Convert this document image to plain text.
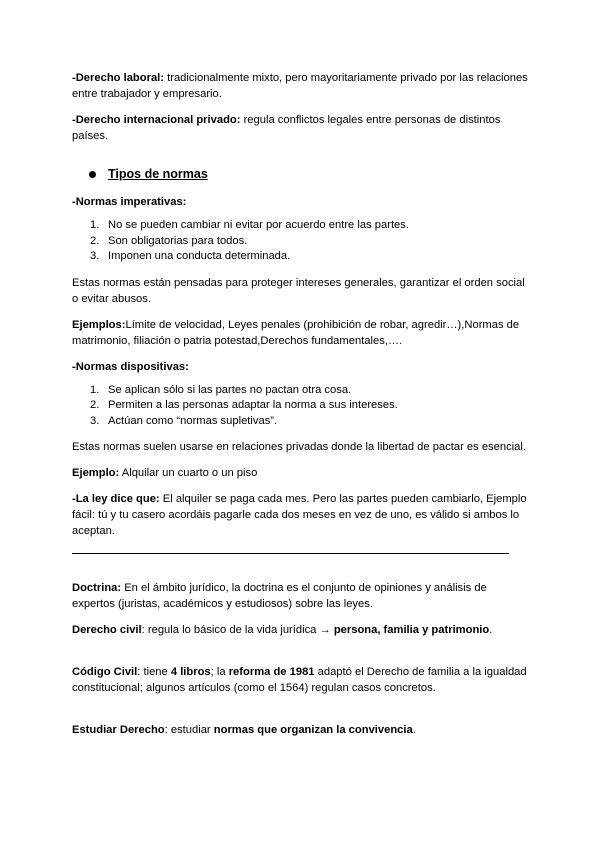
-Derecho laboral: tradicionalmente mixto, pero mayoritariamente privado por las relaciones entre trabajador y empresario.

-Derecho internacional privado: regula conflictos legales entre personas de distintos países.

Tipos de normas

-Normas imperativas:

1. No se pueden cambiar ni evitar por acuerdo entre las partes.
2. Son obligatorias para todos.
3. Imponen una conducta determinada.

Estas normas están pensadas para proteger intereses generales, garantizar el orden social o evitar abusos.

Ejemplos:Límite de velocidad, Leyes penales (prohibición de robar, agredir…),Normas de matrimonio, filiación o patria potestad,Derechos fundamentales,….

-Normas dispositivas:

1. Se aplican sólo si las partes no pactan otra cosa.
2. Permiten a las personas adaptar la norma a sus intereses.
3. Actúan como “normas supletivas”.

Estas normas suelen usarse en relaciones privadas donde la libertad de pactar es esencial.

Ejemplo: Alquilar un cuarto o un piso

-La ley dice que: El alquiler se paga cada mes. Pero las partes pueden cambiarlo, Ejemplo fácil: tú y tu casero acordáis pagarle cada dos meses en vez de uno, es válido si ambos lo aceptan.

Doctrina: En el ámbito jurídico, la doctrina es el conjunto de opiniones y análisis de expertos (juristas, académicos y estudiosos) sobre las leyes.

Derecho civil: regula lo básico de la vida jurídica → persona, familia y patrimonio.

Código Civil: tiene 4 libros; la reforma de 1981 adaptó el Derecho de familia a la igualdad constitucional; algunos artículos (como el 1564) regulan casos concretos.

Estudiar Derecho: estudiar normas que organizan la convivencia.
